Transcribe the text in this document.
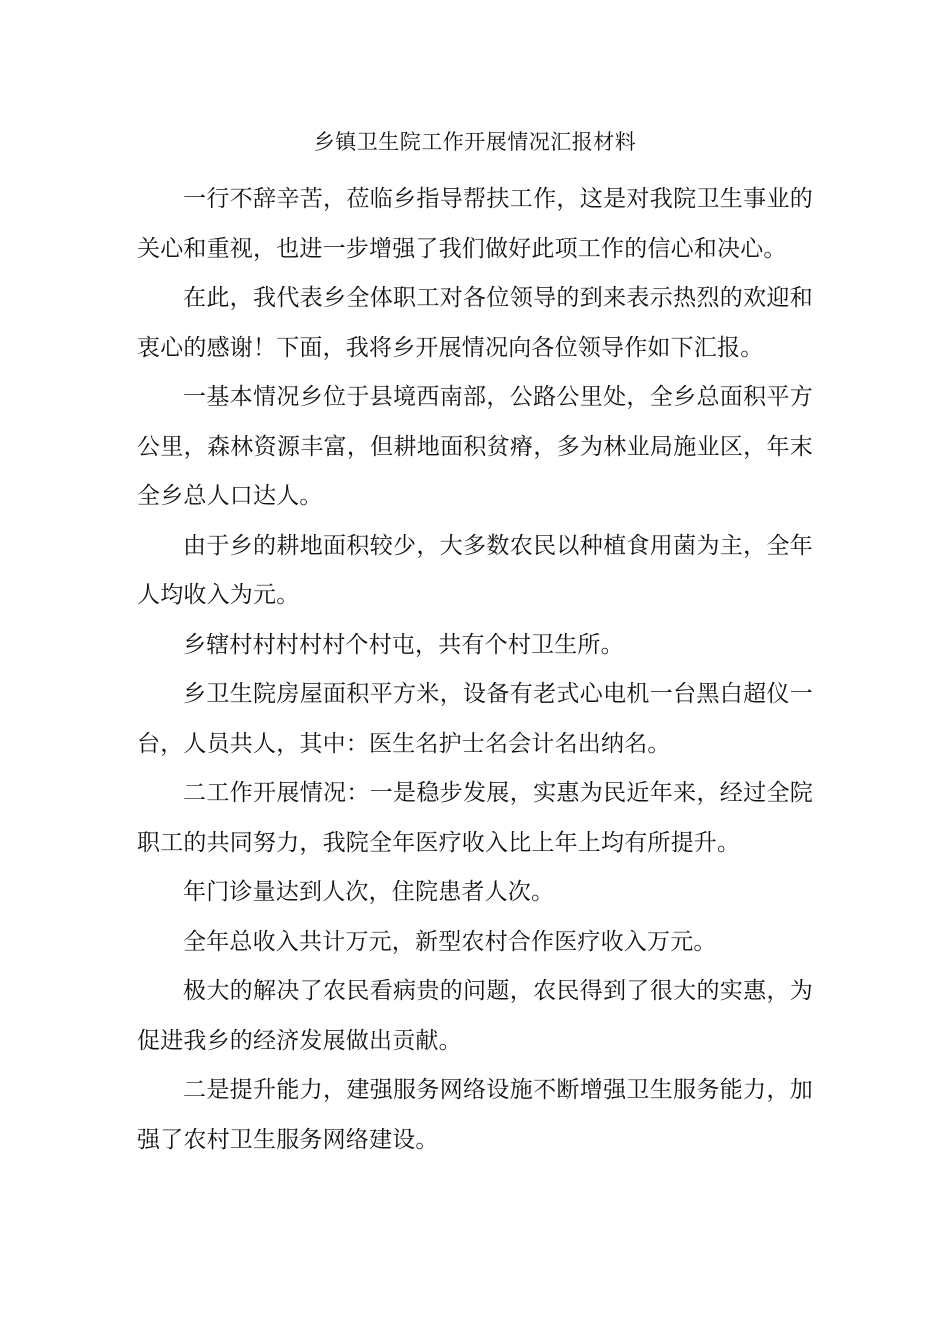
乡镇卫生院工作开展情况汇报材料

一行不辞辛苦，莅临乡指导帮扶工作，这是对我院卫生事业的关心和重视，也进一步增强了我们做好此项工作的信心和决心。

在此，我代表乡全体职工对各位领导的到来表示热烈的欢迎和衷心的感谢！下面，我将乡开展情况向各位领导作如下汇报。

一基本情况乡位于县境西南部，公路公里处，全乡总面积平方公里，森林资源丰富，但耕地面积贫瘠，多为林业局施业区，年末全乡总人口达人。

由于乡的耕地面积较少，大多数农民以种植食用菌为主，全年人均收入为元。

乡辖村村村村村个村屯，共有个村卫生所。

乡卫生院房屋面积平方米，设备有老式心电机一台黑白超仪一台，人员共人，其中：医生名护士名会计名出纳名。

二工作开展情况：一是稳步发展，实惠为民近年来，经过全院职工的共同努力，我院全年医疗收入比上年上均有所提升。

年门诊量达到人次，住院患者人次。

全年总收入共计万元，新型农村合作医疗收入万元。

极大的解决了农民看病贵的问题，农民得到了很大的实惠，为促进我乡的经济发展做出贡献。

二是提升能力，建强服务网络设施不断增强卫生服务能力，加强了农村卫生服务网络建设。
